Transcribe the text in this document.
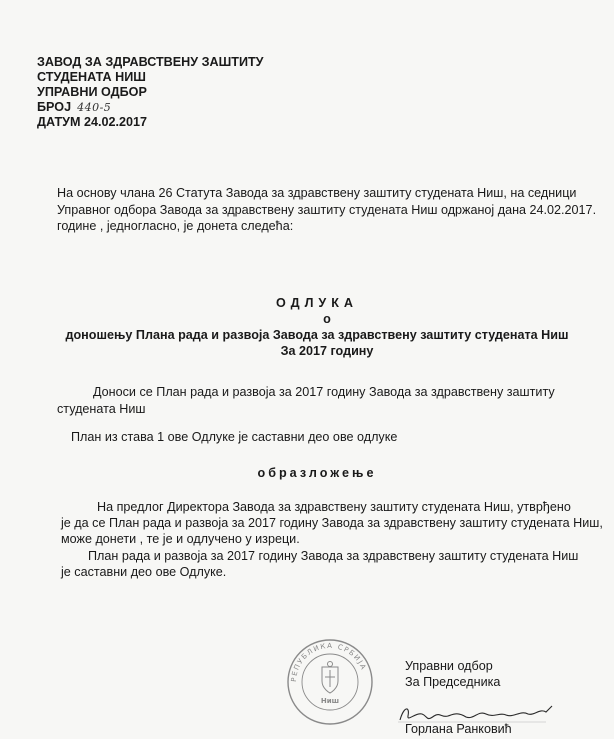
ЗАВОД ЗА ЗДРАВСТВЕНУ ЗАШТИТУ
СТУДЕНАТА НИШ
УПРАВНИ ОДБОР
БРОЈ 440-5
ДАТУМ 24.02.2017
На основу члана 26 Статута Завода за здравствену заштиту студената Ниш, на седници
Управног одбора Завода за здравствену заштиту студената Ниш одржаној дана 24.02.2017.
године , једногласно, је донета следећа:
ОДЛУКА
о
доношењу Плана рада и развоја Завода за здравствену заштиту студената Ниш
За 2017 годину
Доноси се План рада и развоја за 2017 годину Завода за здравствену заштиту
студената Ниш
План из става 1 ове Одлуке је саставни део ове одлуке
образложење
На предлог Директора Завода за здравствену заштиту студената Ниш, утврђено
је да се План рада и развоја за 2017 годину Завода за здравствену заштиту студената Ниш,
може донети , те је и одлучено у изреци.
План рада и развоја за 2017 годину Завода за здравствену заштиту студената Ниш
је саставни део ове Одлуке.
Управни одбор
За Председника
Горлана Ранковић
РЕПУБЛИКА СРБИЈА
Ниш
